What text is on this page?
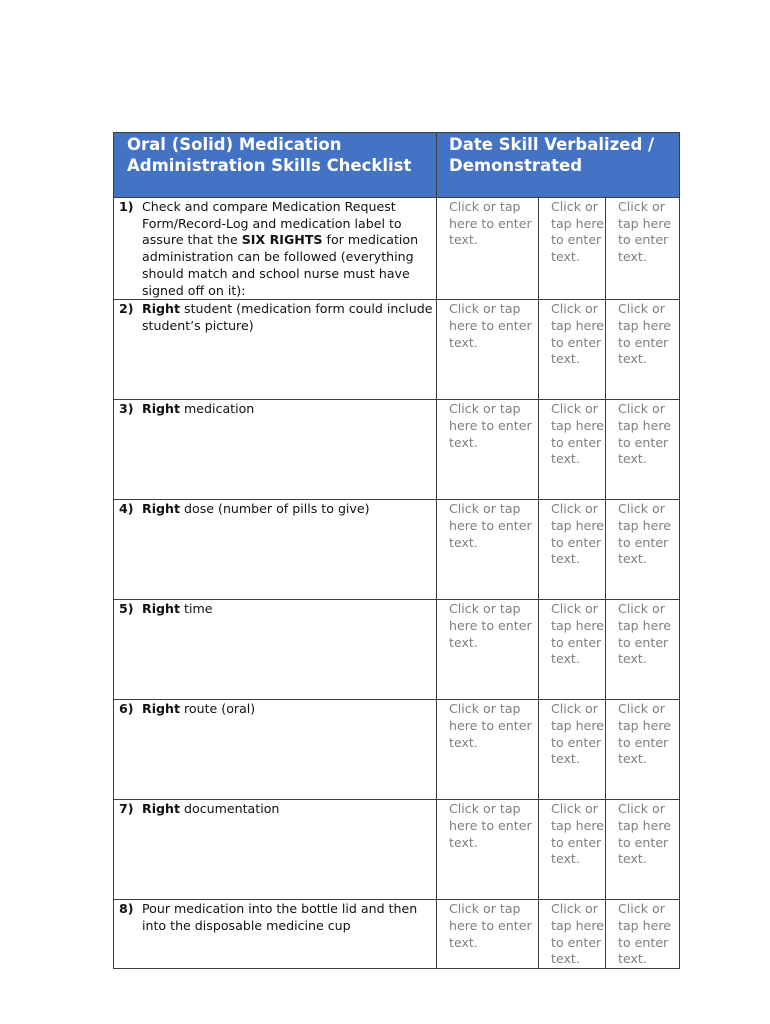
Oral (Solid) Medication Administration Skills Checklist	Date Skill Verbalized / Demonstrated		

1) Check and compare Medication Request Form/Record-Log and medication label to assure that the SIX RIGHTS for medication administration can be followed (everything should match and school nurse must have signed off on it):	Click or tap here to enter text.	Click or tap here to enter text.	Click or tap here to enter text.

2) Right student (medication form could include student’s picture)	Click or tap here to enter text.	Click or tap here to enter text.	Click or tap here to enter text.

3) Right medication	Click or tap here to enter text.	Click or tap here to enter text.	Click or tap here to enter text.

4) Right dose (number of pills to give)	Click or tap here to enter text.	Click or tap here to enter text.	Click or tap here to enter text.

5) Right time	Click or tap here to enter text.	Click or tap here to enter text.	Click or tap here to enter text.

6) Right route (oral)	Click or tap here to enter text.	Click or tap here to enter text.	Click or tap here to enter text.

7) Right documentation	Click or tap here to enter text.	Click or tap here to enter text.	Click or tap here to enter text.

8) Pour medication into the bottle lid and then into the disposable medicine cup	Click or tap here to enter text.	Click or tap here to enter text.	Click or tap here to enter text.
